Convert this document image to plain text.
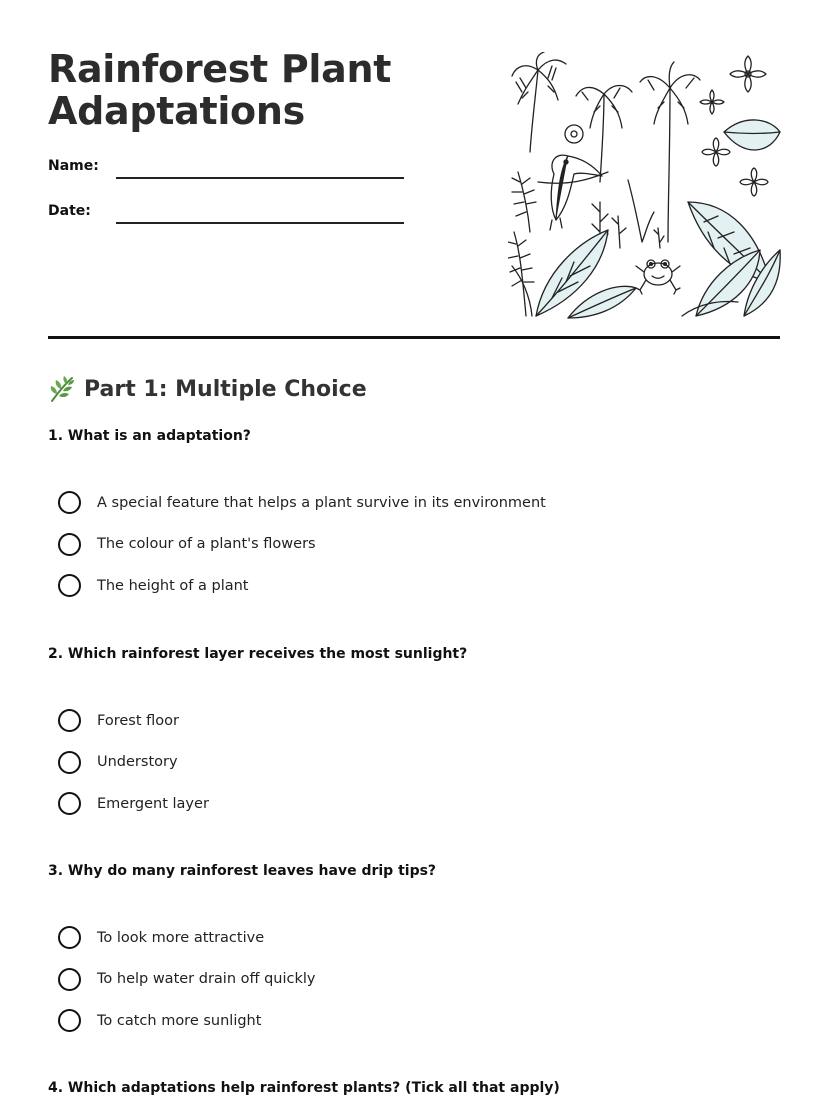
Rainforest Plant Adaptations
Name:
Date:
Part 1: Multiple Choice
1. What is an adaptation?
A special feature that helps a plant survive in its environment
The colour of a plant's flowers
The height of a plant
2. Which rainforest layer receives the most sunlight?
Forest floor
Understory
Emergent layer
3. Why do many rainforest leaves have drip tips?
To look more attractive
To help water drain off quickly
To catch more sunlight
4. Which adaptations help rainforest plants? (Tick all that apply)
